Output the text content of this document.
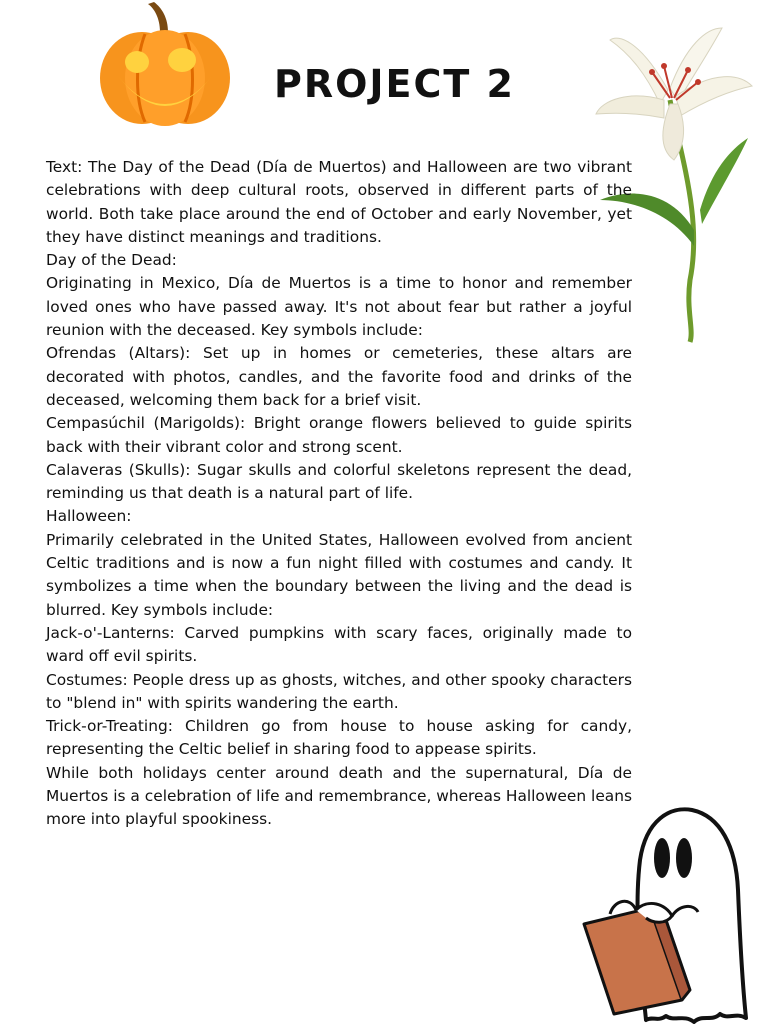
PROJECT 2

Text: The Day of the Dead (Día de Muertos) and Halloween are two vibrant celebrations with deep cultural roots, observed in different parts of the world. Both take place around the end of October and early November, yet they have distinct meanings and traditions.

Day of the Dead:

Originating in Mexico, Día de Muertos is a time to honor and remember loved ones who have passed away. It's not about fear but rather a joyful reunion with the deceased. Key symbols include:

Ofrendas (Altars): Set up in homes or cemeteries, these altars are decorated with photos, candles, and the favorite food and drinks of the deceased, welcoming them back for a brief visit.

Cempasúchil (Marigolds): Bright orange flowers believed to guide spirits back with their vibrant color and strong scent.

Calaveras (Skulls): Sugar skulls and colorful skeletons represent the dead, reminding us that death is a natural part of life.

Halloween:

Primarily celebrated in the United States, Halloween evolved from ancient Celtic traditions and is now a fun night filled with costumes and candy. It symbolizes a time when the boundary between the living and the dead is blurred. Key symbols include:

Jack-o'-Lanterns: Carved pumpkins with scary faces, originally made to ward off evil spirits.

Costumes: People dress up as ghosts, witches, and other spooky characters to "blend in" with spirits wandering the earth.

Trick-or-Treating: Children go from house to house asking for candy, representing the Celtic belief in sharing food to appease spirits.

While both holidays center around death and the supernatural, Día de Muertos is a celebration of life and remembrance, whereas Halloween leans more into playful spookiness.
